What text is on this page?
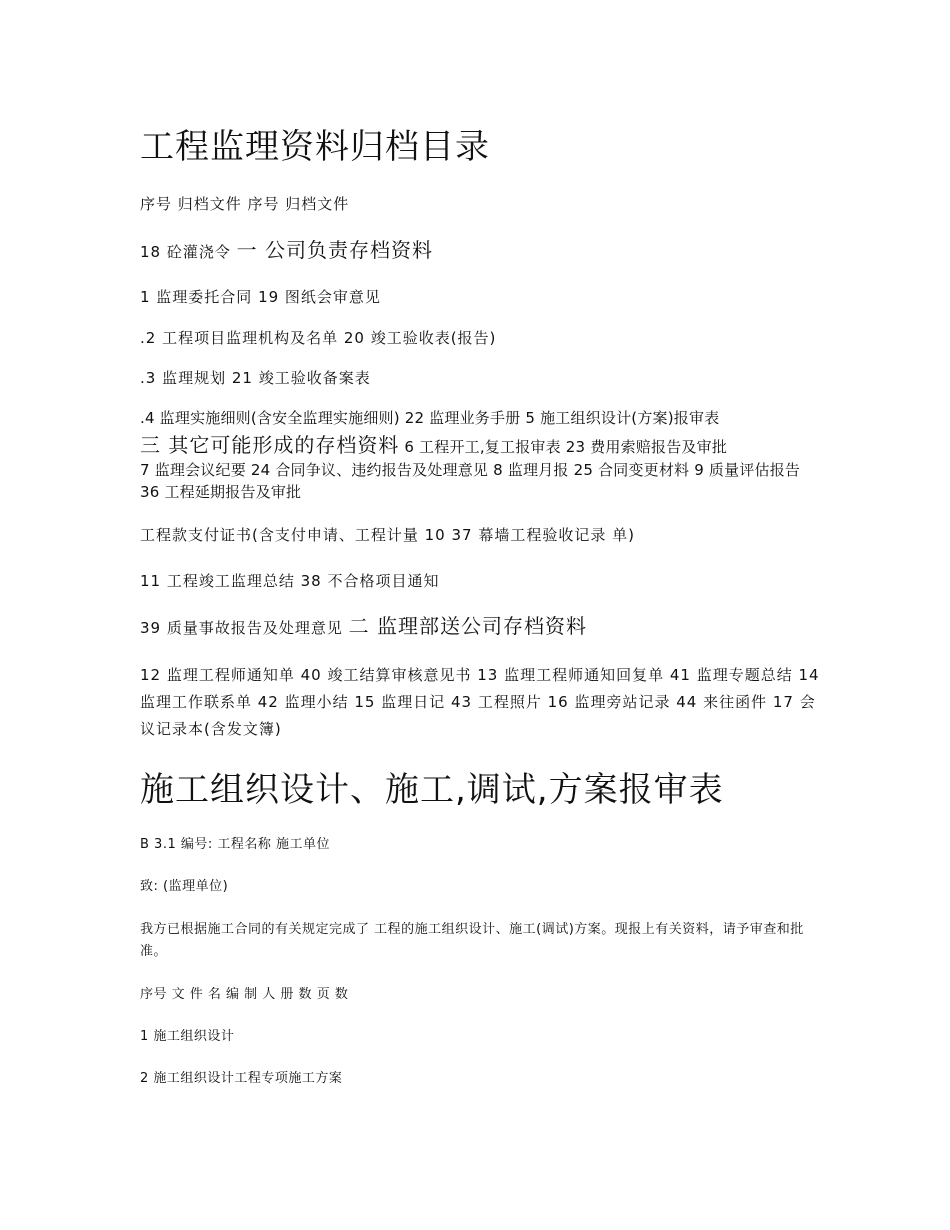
工程监理资料归档目录

序号 归档文件 序号 归档文件

18 砼灌浇令 一 公司负责存档资料

1 监理委托合同 19 图纸会审意见

.2 工程项目监理机构及名单 20 竣工验收表(报告)

.3 监理规划 21 竣工验收备案表

.4 监理实施细则(含安全监理实施细则) 22 监理业务手册 5 施工组织设计(方案)报审表

三 其它可能形成的存档资料 6 工程开工,复工报审表 23 费用索赔报告及审批

7 监理会议纪要 24 合同争议、违约报告及处理意见 8 监理月报 25 合同变更材料 9 质量评估报告 36 工程延期报告及审批

工程款支付证书(含支付申请、工程计量 10 37 幕墙工程验收记录 单)

11 工程竣工监理总结 38 不合格项目通知

39 质量事故报告及处理意见 二 监理部送公司存档资料

12 监理工程师通知单 40 竣工结算审核意见书 13 监理工程师通知回复单 41 监理专题总结 14 监理工作联系单 42 监理小结 15 监理日记 43 工程照片 16 监理旁站记录 44 来往函件 17 会议记录本(含发文簿)

施工组织设计、施工,调试,方案报审表

B 3.1 编号: 工程名称 施工单位

致: (监理单位)

我方已根据施工合同的有关规定完成了 工程的施工组织设计、施工(调试)方案。现报上有关资料，请予审查和批准。

序号 文 件 名 编 制 人 册 数 页 数

1 施工组织设计

2 施工组织设计工程专项施工方案
